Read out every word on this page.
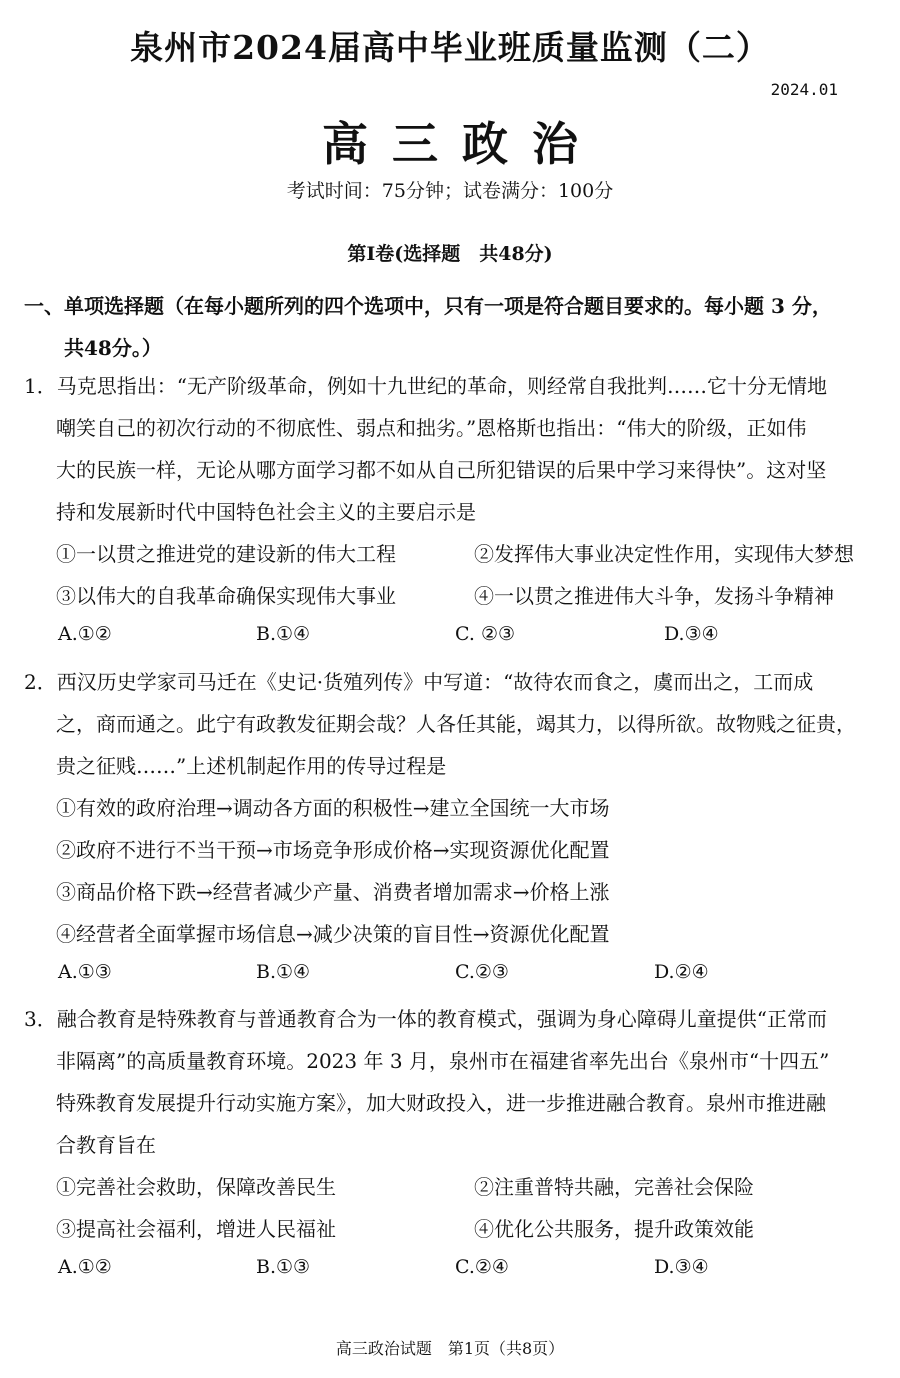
泉州市2024届高中毕业班质量监测（二）
2024.01
高三政治
考试时间：75分钟；试卷满分：100分
第I卷(选择题　共48分)
一、单项选择题（在每小题所列的四个选项中，只有一项是符合题目要求的。每小题 3 分，
共48分。）
1．马克思指出：“无产阶级革命，例如十九世纪的革命，则经常自我批判……它十分无情地
嘲笑自己的初次行动的不彻底性、弱点和拙劣。”恩格斯也指出：“伟大的阶级，正如伟
大的民族一样，无论从哪方面学习都不如从自己所犯错误的后果中学习来得快”。这对坚
持和发展新时代中国特色社会主义的主要启示是
①一以贯之推进党的建设新的伟大工程	②发挥伟大事业决定性作用，实现伟大梦想
③以伟大的自我革命确保实现伟大事业	④一以贯之推进伟大斗争，发扬斗争精神
A.①②	B.①④	C. ②③	D.③④
2．西汉历史学家司马迁在《史记·货殖列传》中写道：“故待农而食之，虞而出之，工而成
之，商而通之。此宁有政教发征期会哉？人各任其能，竭其力，以得所欲。故物贱之征贵，
贵之征贱……”上述机制起作用的传导过程是
①有效的政府治理→调动各方面的积极性→建立全国统一大市场
②政府不进行不当干预→市场竞争形成价格→实现资源优化配置
③商品价格下跌→经营者减少产量、消费者增加需求→价格上涨
④经营者全面掌握市场信息→减少决策的盲目性→资源优化配置
A.①③	B.①④	C.②③	D.②④
3．融合教育是特殊教育与普通教育合为一体的教育模式，强调为身心障碍儿童提供“正常而
非隔离”的高质量教育环境。2023 年 3 月，泉州市在福建省率先出台《泉州市“十四五”
特殊教育发展提升行动实施方案》，加大财政投入，进一步推进融合教育。泉州市推进融
合教育旨在
①完善社会救助，保障改善民生	②注重普特共融，完善社会保险
③提高社会福利，增进人民福祉	④优化公共服务，提升政策效能
A.①②	B.①③	C.②④	D.③④
高三政治试题　第1页（共8页）
